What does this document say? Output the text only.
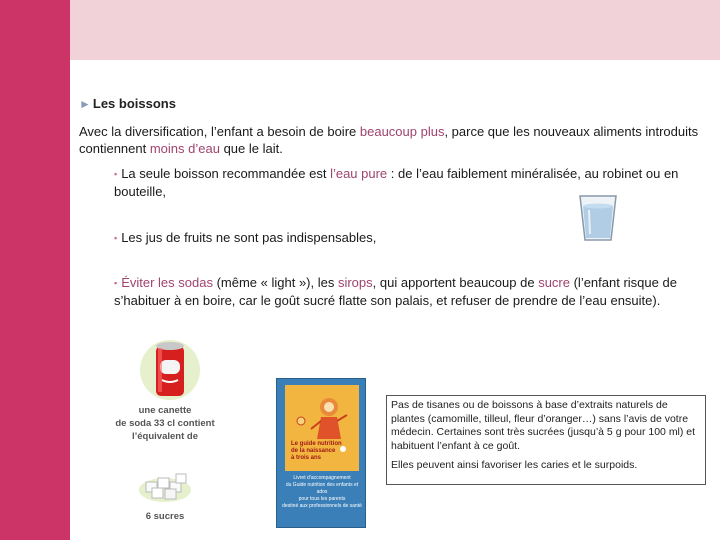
► Les boissons
Avec la diversification, l’enfant a besoin de boire beaucoup plus, parce que les nouveaux aliments introduits contiennent moins d’eau que le lait.
▪ La seule boisson recommandée est l’eau pure : de l’eau faiblement minéralisée, au robinet ou en bouteille,
▪ Les jus de fruits ne sont pas indispensables,
▪ Éviter les sodas (même « light »), les sirops, qui apportent beaucoup de sucre (l’enfant risque de s’habituer à en boire, car le goût sucré flatte son palais, et refuser de prendre de l’eau ensuite).
une canette
de soda 33 cl contient
l’équivalent de
6 sucres
Le guide nutrition
de la naissance
à trois ans
Livret d’accompagnement
du Guide nutrition des enfants et ados
pour tous les parents
destiné aux professionnels de santé

Pas de tisanes ou de boissons à base d’extraits naturels de plantes (camomille, tilleul, fleur d’oranger…) sans l’avis de votre médecin. Certaines sont très sucrées (jusqu’à 5 g pour 100 ml) et habituent l’enfant à ce goût.

Elles peuvent ainsi favoriser les caries et le surpoids.
